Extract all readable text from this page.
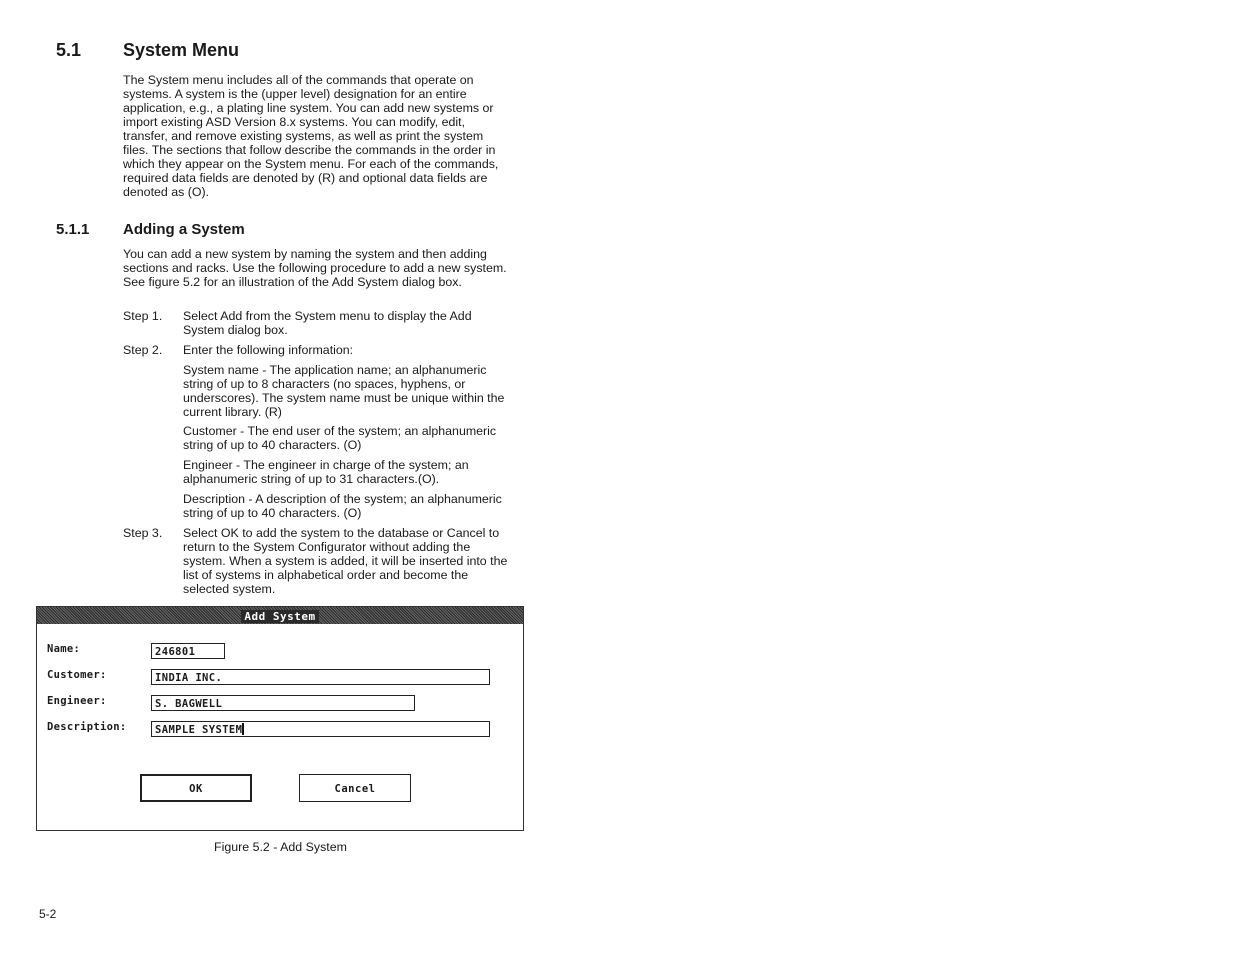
5.1 System Menu

The System menu includes all of the commands that operate on systems. A system is the (upper level) designation for an entire application, e.g., a plating line system. You can add new systems or import existing ASD Version 8.x systems. You can modify, edit, transfer, and remove existing systems, as well as print the system files. The sections that follow describe the commands in the order in which they appear on the System menu. For each of the commands, required data fields are denoted by (R) and optional data fields are denoted as (O).

5.1.1 Adding a System

You can add a new system by naming the system and then adding sections and racks. Use the following procedure to add a new system. See figure 5.2 for an illustration of the Add System dialog box.

Step 1. Select Add from the System menu to display the Add System dialog box.

Step 2. Enter the following information:

System name - The application name; an alphanumeric string of up to 8 characters (no spaces, hyphens, or underscores). The system name must be unique within the current library. (R)

Customer - The end user of the system; an alphanumeric string of up to 40 characters. (O)

Engineer - The engineer in charge of the system; an alphanumeric string of up to 31 characters.(O).

Description - A description of the system; an alphanumeric string of up to 40 characters. (O)

Step 3. Select OK to add the system to the database or Cancel to return to the System Configurator without adding the system. When a system is added, it will be inserted into the list of systems in alphabetical order and become the selected system.

Add System
Name:	246801
Customer:	INDIA INC.
Engineer:	S. BAGWELL
Description:	SAMPLE SYSTEM
OK	Cancel
Figure 5.2 - Add System
5-2
